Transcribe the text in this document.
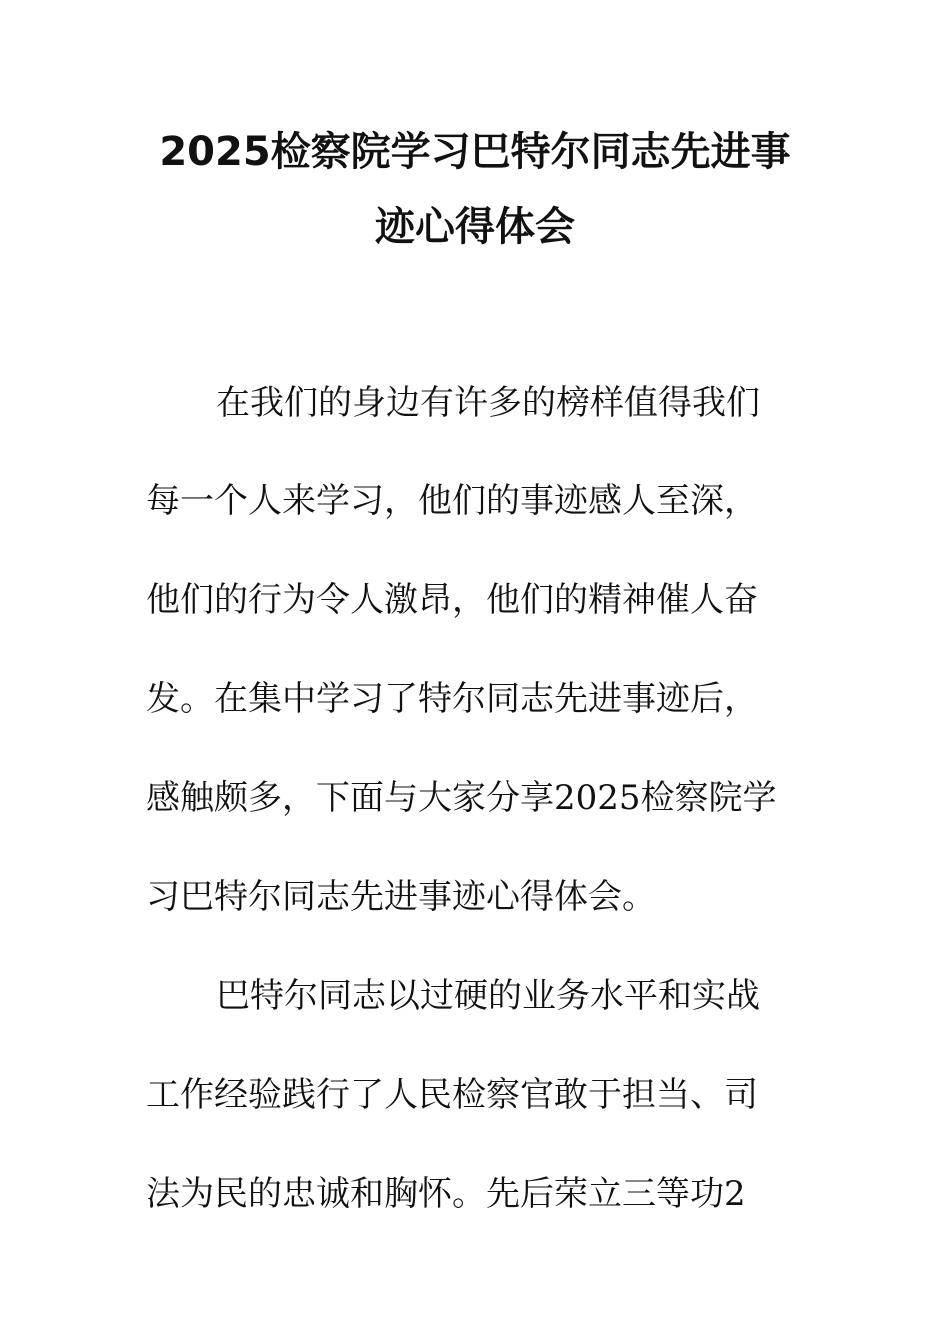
2025检察院学习巴特尔同志先进事
迹心得体会
在我们的身边有许多的榜样值得我们
每一个人来学习，他们的事迹感人至深，
他们的行为令人激昂，他们的精神催人奋
发。在集中学习了特尔同志先进事迹后，
感触颇多，下面与大家分享2025检察院学
习巴特尔同志先进事迹心得体会。
巴特尔同志以过硬的业务水平和实战
工作经验践行了人民检察官敢于担当、司
法为民的忠诚和胸怀。先后荣立三等功2
